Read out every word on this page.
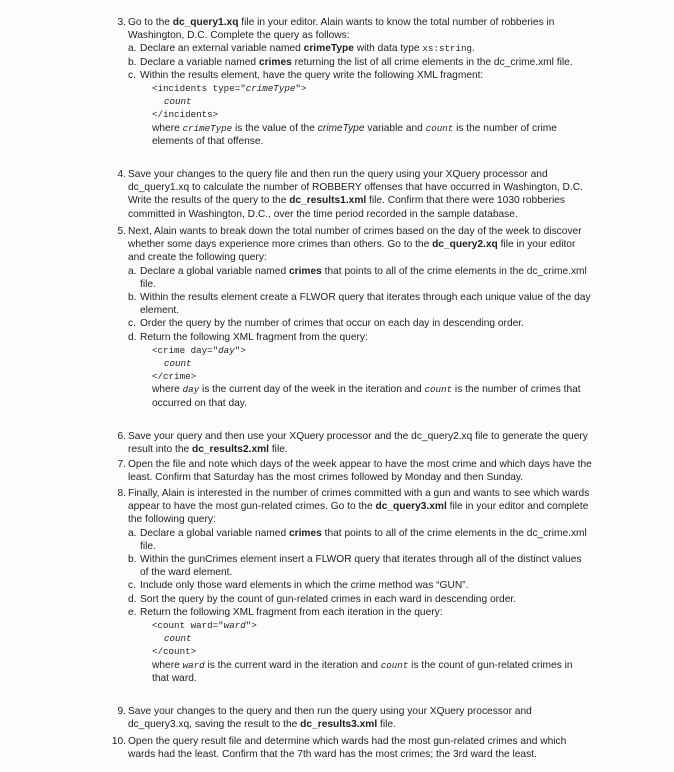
3. Go to the dc_query1.xq file in your editor. Alain wants to know the total number of robberies in Washington, D.C. Complete the query as follows:
a. Declare an external variable named crimeType with data type xs:string.
b. Declare a variable named crimes returning the list of all crime elements in the dc_crime.xml file.
c. Within the results element, have the query write the following XML fragment:
<incidents type="crimeType">
count
</incidents>
where crimeType is the value of the crimeType variable and count is the number of crime elements of that offense.
4. Save your changes to the query file and then run the query using your XQuery processor and dc_query1.xq to calculate the number of ROBBERY offenses that have occurred in Washington, D.C. Write the results of the query to the dc_results1.xml file. Confirm that there were 1030 robberies committed in Washington, D.C., over the time period recorded in the sample database.
5. Next, Alain wants to break down the total number of crimes based on the day of the week to discover whether some days experience more crimes than others. Go to the dc_query2.xq file in your editor and create the following query:
a. Declare a global variable named crimes that points to all of the crime elements in the dc_crime.xml file.
b. Within the results element create a FLWOR query that iterates through each unique value of the day element.
c. Order the query by the number of crimes that occur on each day in descending order.
d. Return the following XML fragment from the query:
<crime day="day">
count
</crime>
where day is the current day of the week in the iteration and count is the number of crimes that occurred on that day.
6. Save your query and then use your XQuery processor and the dc_query2.xq file to generate the query result into the dc_results2.xml file.
7. Open the file and note which days of the week appear to have the most crime and which days have the least. Confirm that Saturday has the most crimes followed by Monday and then Sunday.
8. Finally, Alain is interested in the number of crimes committed with a gun and wants to see which wards appear to have the most gun-related crimes. Go to the dc_query3.xml file in your editor and complete the following query:
a. Declare a global variable named crimes that points to all of the crime elements in the dc_crime.xml file.
b. Within the gunCrimes element insert a FLWOR query that iterates through all of the distinct values of the ward element.
c. Include only those ward elements in which the crime method was “GUN”.
d. Sort the query by the count of gun-related crimes in each ward in descending order.
e. Return the following XML fragment from each iteration in the query:
<count ward="ward">
count
</count>
where ward is the current ward in the iteration and count is the count of gun-related crimes in that ward.
9. Save your changes to the query and then run the query using your XQuery processor and dc_query3.xq, saving the result to the dc_results3.xml file.
10. Open the query result file and determine which wards had the most gun-related crimes and which wards had the least. Confirm that the 7th ward has the most crimes; the 3rd ward the least.
